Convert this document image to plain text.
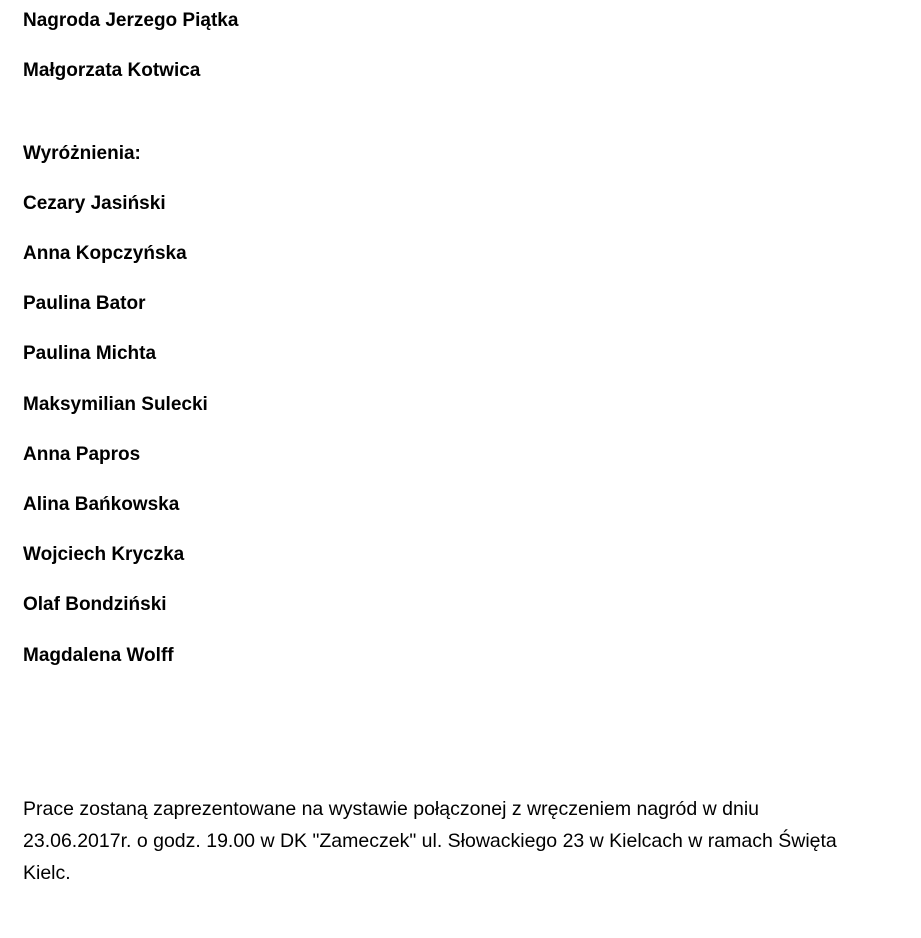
Nagroda Jerzego Piątka
Małgorzata Kotwica
Wyróżnienia:
Cezary Jasiński
Anna Kopczyńska
Paulina Bator
Paulina Michta
Maksymilian Sulecki
Anna Papros
Alina Bańkowska
Wojciech Kryczka
Olaf Bondziński
Magdalena Wolff
Prace zostaną zaprezentowane na wystawie połączonej z wręczeniem nagród w dniu
23.06.2017r. o godz. 19.00 w DK "Zameczek" ul. Słowackiego 23 w Kielcach w ramach Święta
Kielc.
